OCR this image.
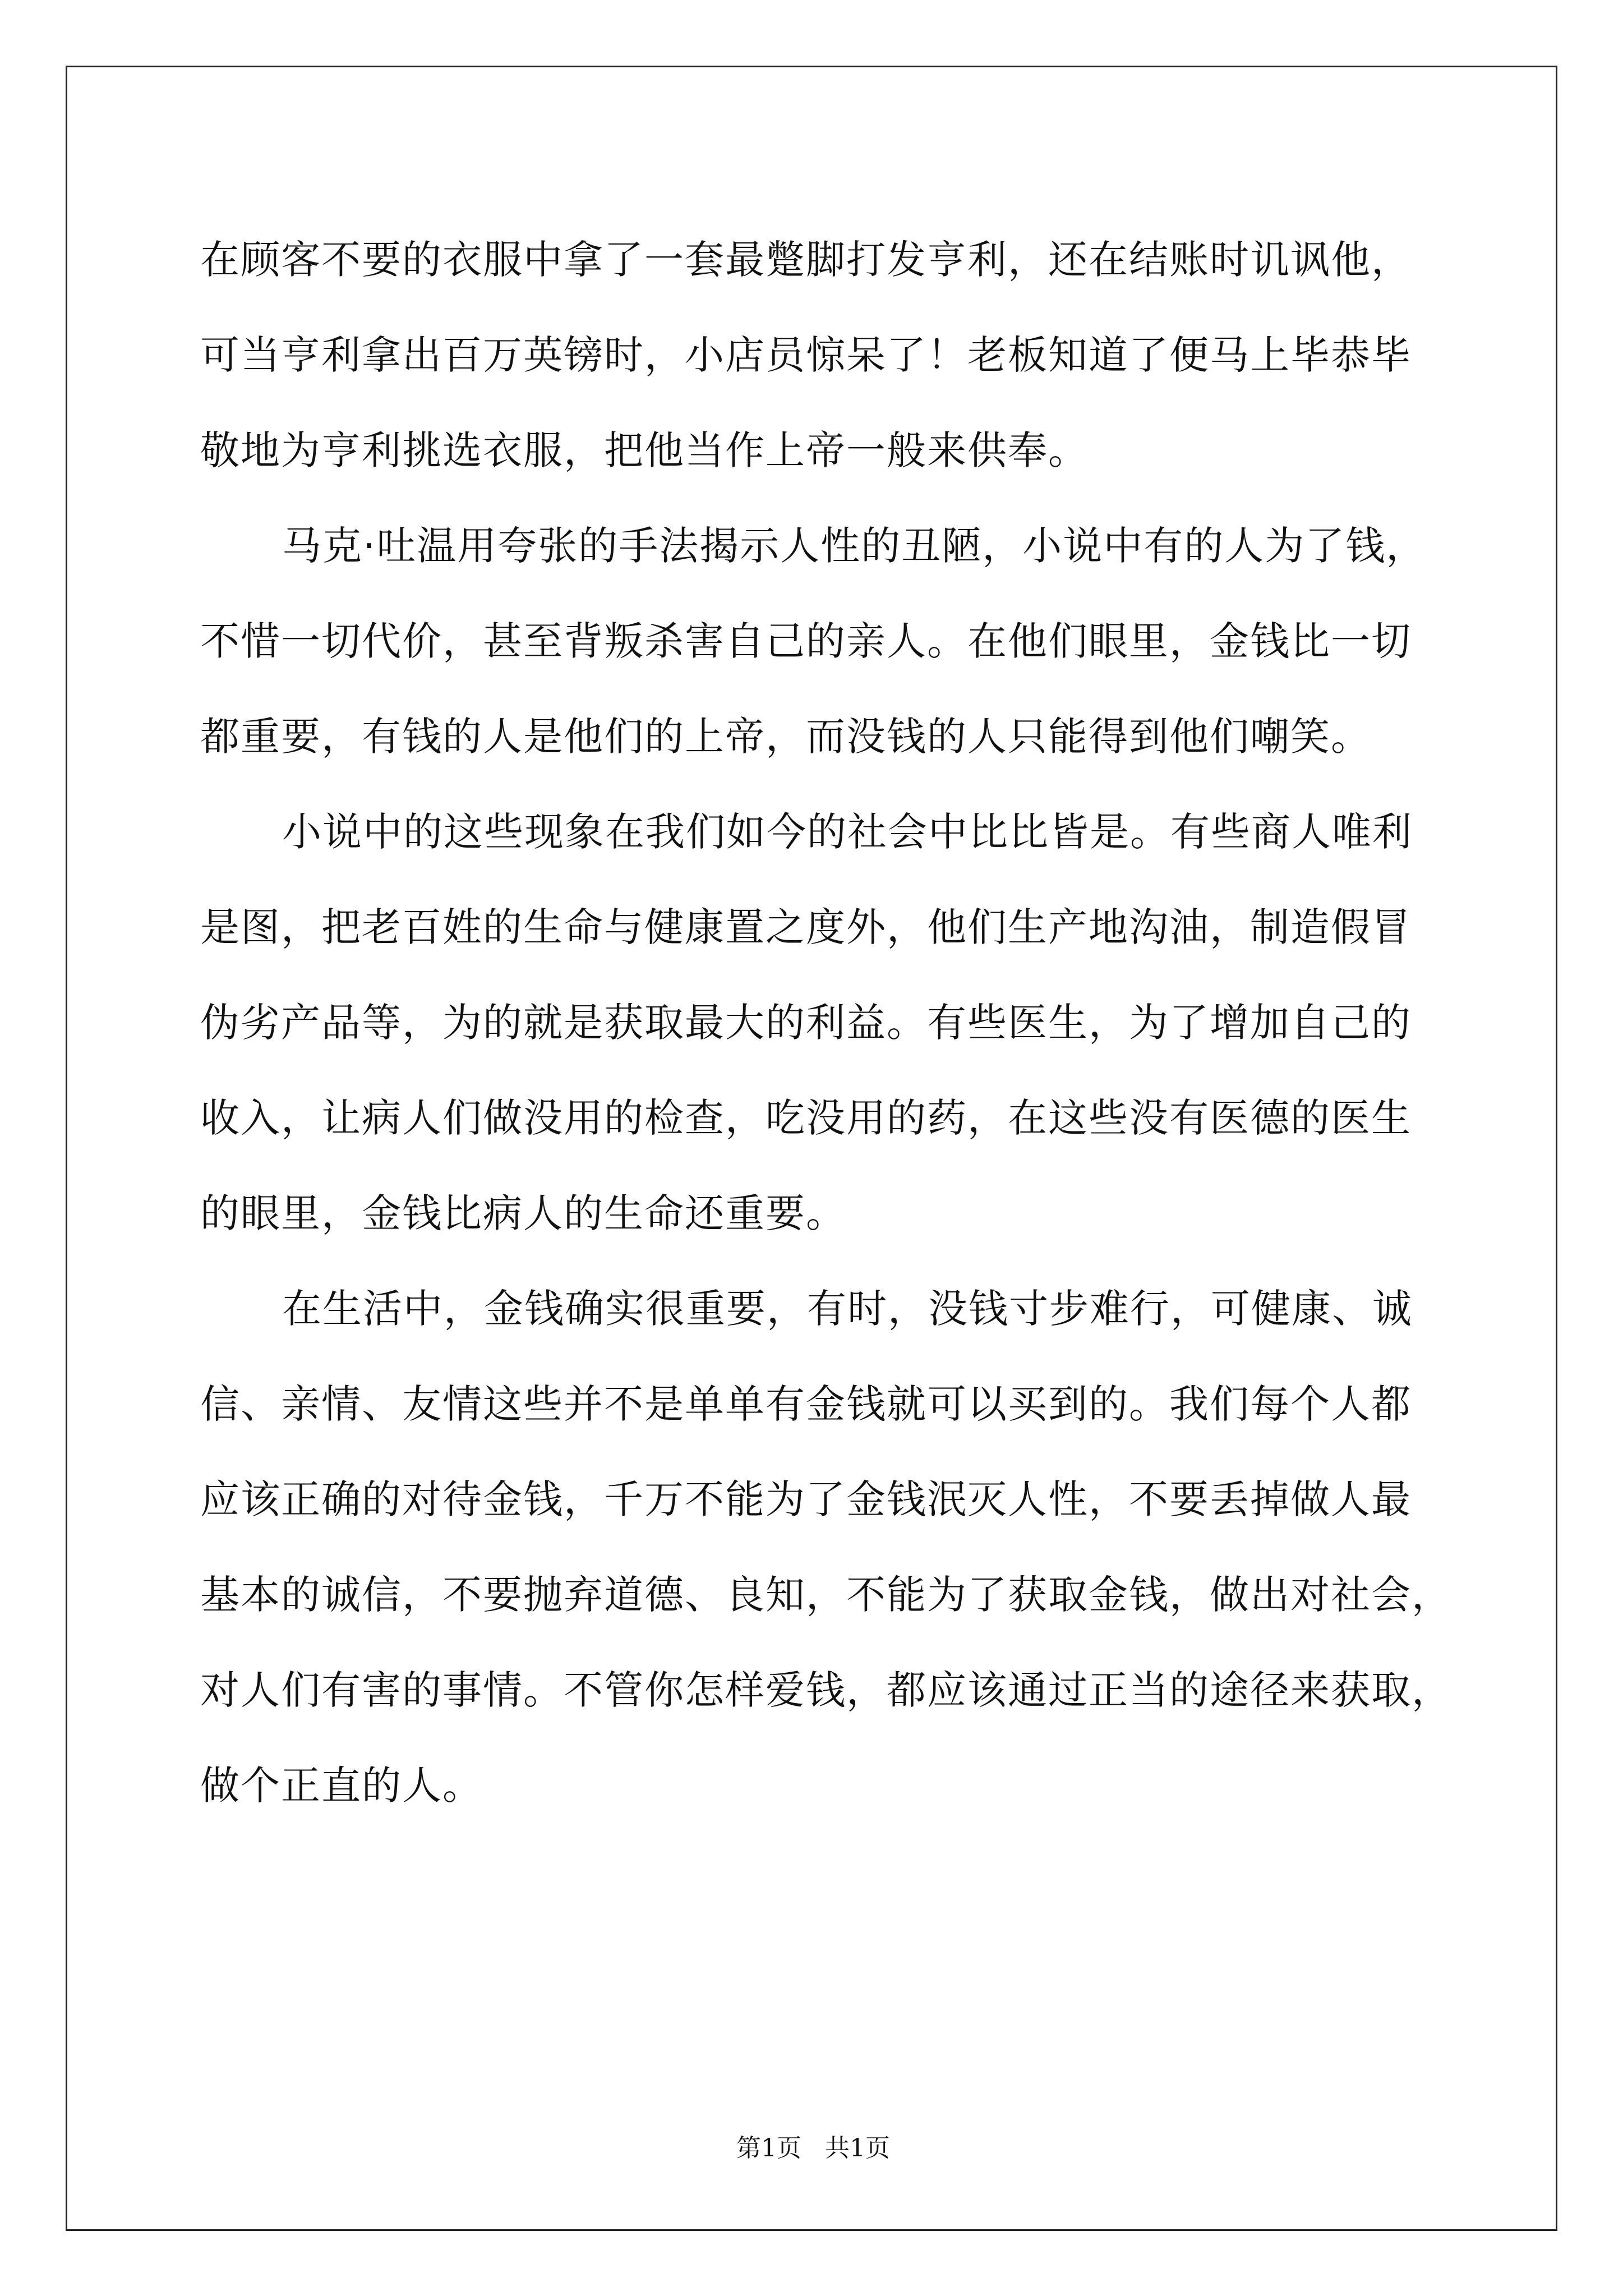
在顾客不要的衣服中拿了一套最蹩脚打发亨利，还在结账时讥讽他，

可当亨利拿出百万英镑时，小店员惊呆了！老板知道了便马上毕恭毕

敬地为亨利挑选衣服，把他当作上帝一般来供奉。

马克·吐温用夸张的手法揭示人性的丑陋，小说中有的人为了钱，

不惜一切代价，甚至背叛杀害自己的亲人。在他们眼里，金钱比一切

都重要，有钱的人是他们的上帝，而没钱的人只能得到他们嘲笑。

小说中的这些现象在我们如今的社会中比比皆是。有些商人唯利

是图，把老百姓的生命与健康置之度外，他们生产地沟油，制造假冒

伪劣产品等，为的就是获取最大的利益。有些医生，为了增加自己的

收入，让病人们做没用的检查，吃没用的药，在这些没有医德的医生

的眼里，金钱比病人的生命还重要。

在生活中，金钱确实很重要，有时，没钱寸步难行，可健康、诚

信、亲情、友情这些并不是单单有金钱就可以买到的。我们每个人都

应该正确的对待金钱，千万不能为了金钱泯灭人性，不要丢掉做人最

基本的诚信，不要抛弃道德、良知，不能为了获取金钱，做出对社会，

对人们有害的事情。不管你怎样爱钱，都应该通过正当的途径来获取，

做个正直的人。

第1页 共1页
